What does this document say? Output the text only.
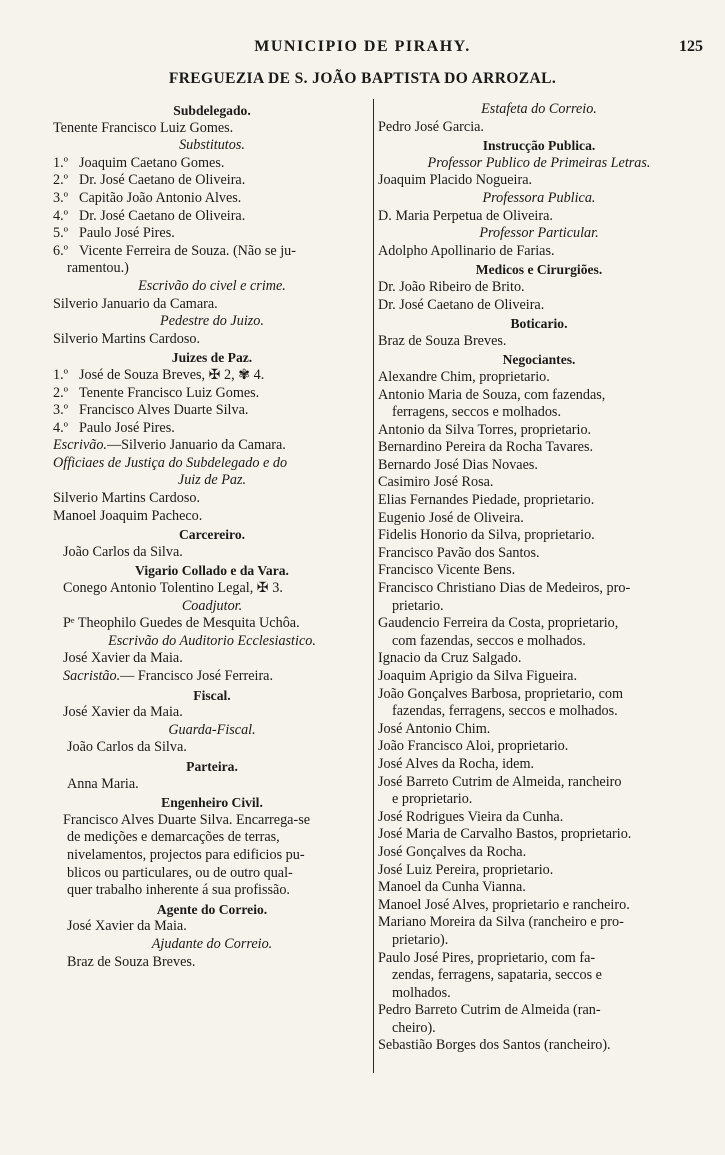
MUNICIPIO DE PIRAHY.	125
FREGUEZIA DE S. JOÃO BAPTISTA DO ARROZAL.
Subdelegado.
Tenente Francisco Luiz Gomes.
Substitutos.
1.º Joaquim Caetano Gomes.
2.º Dr. José Caetano de Oliveira.
3.º Capitão João Antonio Alves.
4.º Dr. José Caetano de Oliveira.
5.º Paulo José Pires.
6.º Vicente Ferreira de Souza. (Não se ju-
ramentou.)
Escrivão do civel e crime.
Silverio Januario da Camara.
Pedestre do Juizo.
Silverio Martins Cardoso.
Juizes de Paz.
1.º José de Souza Breves, ✠ 2, ✾ 4.
2.º Tenente Francisco Luiz Gomes.
3.º Francisco Alves Duarte Silva.
4.º Paulo José Pires.
Escrivão.—Silverio Januario da Camara.
Officiaes de Justiça do Subdelegado e do
Juiz de Paz.
Silverio Martins Cardoso.
Manoel Joaquim Pacheco.
Carcereiro.
João Carlos da Silva.
Vigario Collado e da Vara.
Conego Antonio Tolentino Legal, ✠ 3.
Coadjutor.
Pᵉ Theophilo Guedes de Mesquita Uchôa.
Escrivão do Auditorio Ecclesiastico.
José Xavier da Maia.
Sacristão.— Francisco José Ferreira.
Fiscal.
José Xavier da Maia.
Guarda-Fiscal.
João Carlos da Silva.
Parteira.
Anna Maria.
Engenheiro Civil.
Francisco Alves Duarte Silva. Encarrega-se
de medições e demarcações de terras,
nivelamentos, projectos para edificios pu-
blicos ou particulares, ou de outro qual-
quer trabalho inherente á sua profissão.
Agente do Correio.
José Xavier da Maia.
Ajudante do Correio.
Braz de Souza Breves.
Estafeta do Correio.
Pedro José Garcia.
Instrucção Publica.
Professor Publico de Primeiras Letras.
Joaquim Placido Nogueira.
Professora Publica.
D. Maria Perpetua de Oliveira.
Professor Particular.
Adolpho Apollinario de Farias.
Medicos e Cirurgiões.
Dr. João Ribeiro de Brito.
Dr. José Caetano de Oliveira.
Boticario.
Braz de Souza Breves.
Negociantes.
Alexandre Chim, proprietario.
Antonio Maria de Souza, com fazendas,
ferragens, seccos e molhados.
Antonio da Silva Torres, proprietario.
Bernardino Pereira da Rocha Tavares.
Bernardo José Dias Novaes.
Casimiro José Rosa.
Elias Fernandes Piedade, proprietario.
Eugenio José de Oliveira.
Fidelis Honorio da Silva, proprietario.
Francisco Pavão dos Santos.
Francisco Vicente Bens.
Francisco Christiano Dias de Medeiros, pro-
prietario.
Gaudencio Ferreira da Costa, proprietario,
com fazendas, seccos e molhados.
Ignacio da Cruz Salgado.
Joaquim Aprigio da Silva Figueira.
João Gonçalves Barbosa, proprietario, com
fazendas, ferragens, seccos e molhados.
José Antonio Chim.
João Francisco Aloi, proprietario.
José Alves da Rocha, idem.
José Barreto Cutrim de Almeida, rancheiro
e proprietario.
José Rodrigues Vieira da Cunha.
José Maria de Carvalho Bastos, proprietario.
José Gonçalves da Rocha.
José Luiz Pereira, proprietario.
Manoel da Cunha Vianna.
Manoel José Alves, proprietario e rancheiro.
Mariano Moreira da Silva (rancheiro e pro-
prietario).
Paulo José Pires, proprietario, com fa-
zendas, ferragens, sapataria, seccos e
molhados.
Pedro Barreto Cutrim de Almeida (ran-
cheiro).
Sebastião Borges dos Santos (rancheiro).
